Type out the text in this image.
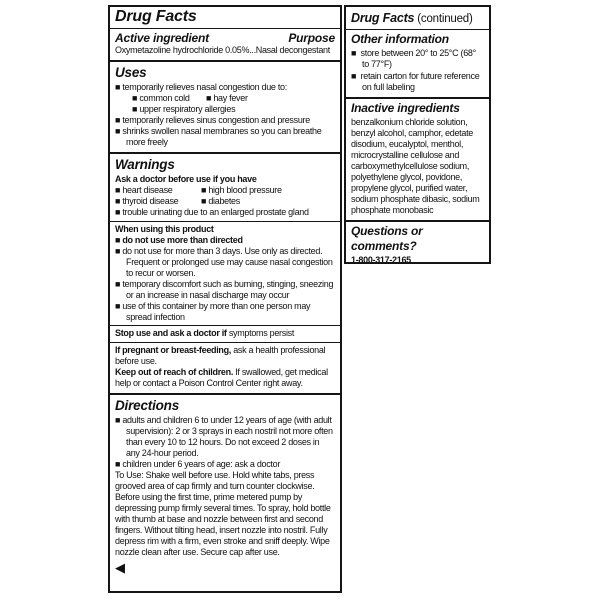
Drug Facts
Active ingredient	Purpose
Oxymetazoline hydrochloride 0.05%...Nasal decongestant
Uses
■ temporarily relieves nasal congestion due to:
■ common cold	■ hay fever
■ upper respiratory allergies
■ temporarily relieves sinus congestion and pressure
■ shrinks swollen nasal membranes so you can breathe more freely
Warnings
Ask a doctor before use if you have
■ heart disease	■ high blood pressure
■ thyroid disease	■ diabetes
■ trouble urinating due to an enlarged prostate gland
When using this product
■ do not use more than directed
■ do not use for more than 3 days. Use only as directed. Frequent or prolonged use may cause nasal congestion to recur or worsen.
■ temporary discomfort such as burning, stinging, sneezing or an increase in nasal discharge may occur
■ use of this container by more than one person may spread infection
Stop use and ask a doctor if symptoms persist
If pregnant or breast-feeding, ask a health professional before use.
Keep out of reach of children. If swallowed, get medical help or contact a Poison Control Center right away.
Directions
■ adults and children 6 to under 12 years of age (with adult supervision): 2 or 3 sprays in each nostril not more often than every 10 to 12 hours. Do not exceed 2 doses in any 24-hour period.
■ children under 6 years of age: ask a doctor
To Use: Shake well before use. Hold white tabs, press grooved area of cap firmly and turn counter clockwise. Before using the first time, prime metered pump by depressing pump firmly several times. To spray, hold bottle with thumb at base and nozzle between first and second fingers. Without tilting head, insert nozzle into nostril. Fully depress rim with a firm, even stroke and sniff deeply. Wipe nozzle clean after use. Secure cap after use.
◀
Drug Facts (continued)
Other information
■  store between 20° to 25°C (68° to 77°F)
■  retain carton for future reference on full labeling
Inactive ingredients
benzalkonium chloride solution, benzyl alcohol, camphor, edetate disodium, eucalyptol, menthol, microcrystalline cellulose and carboxymethylcellulose sodium, polyethylene glycol, povidone, propylene glycol, purified water, sodium phosphate dibasic, sodium phosphate monobasic
Questions or comments?
1-800-317-2165
